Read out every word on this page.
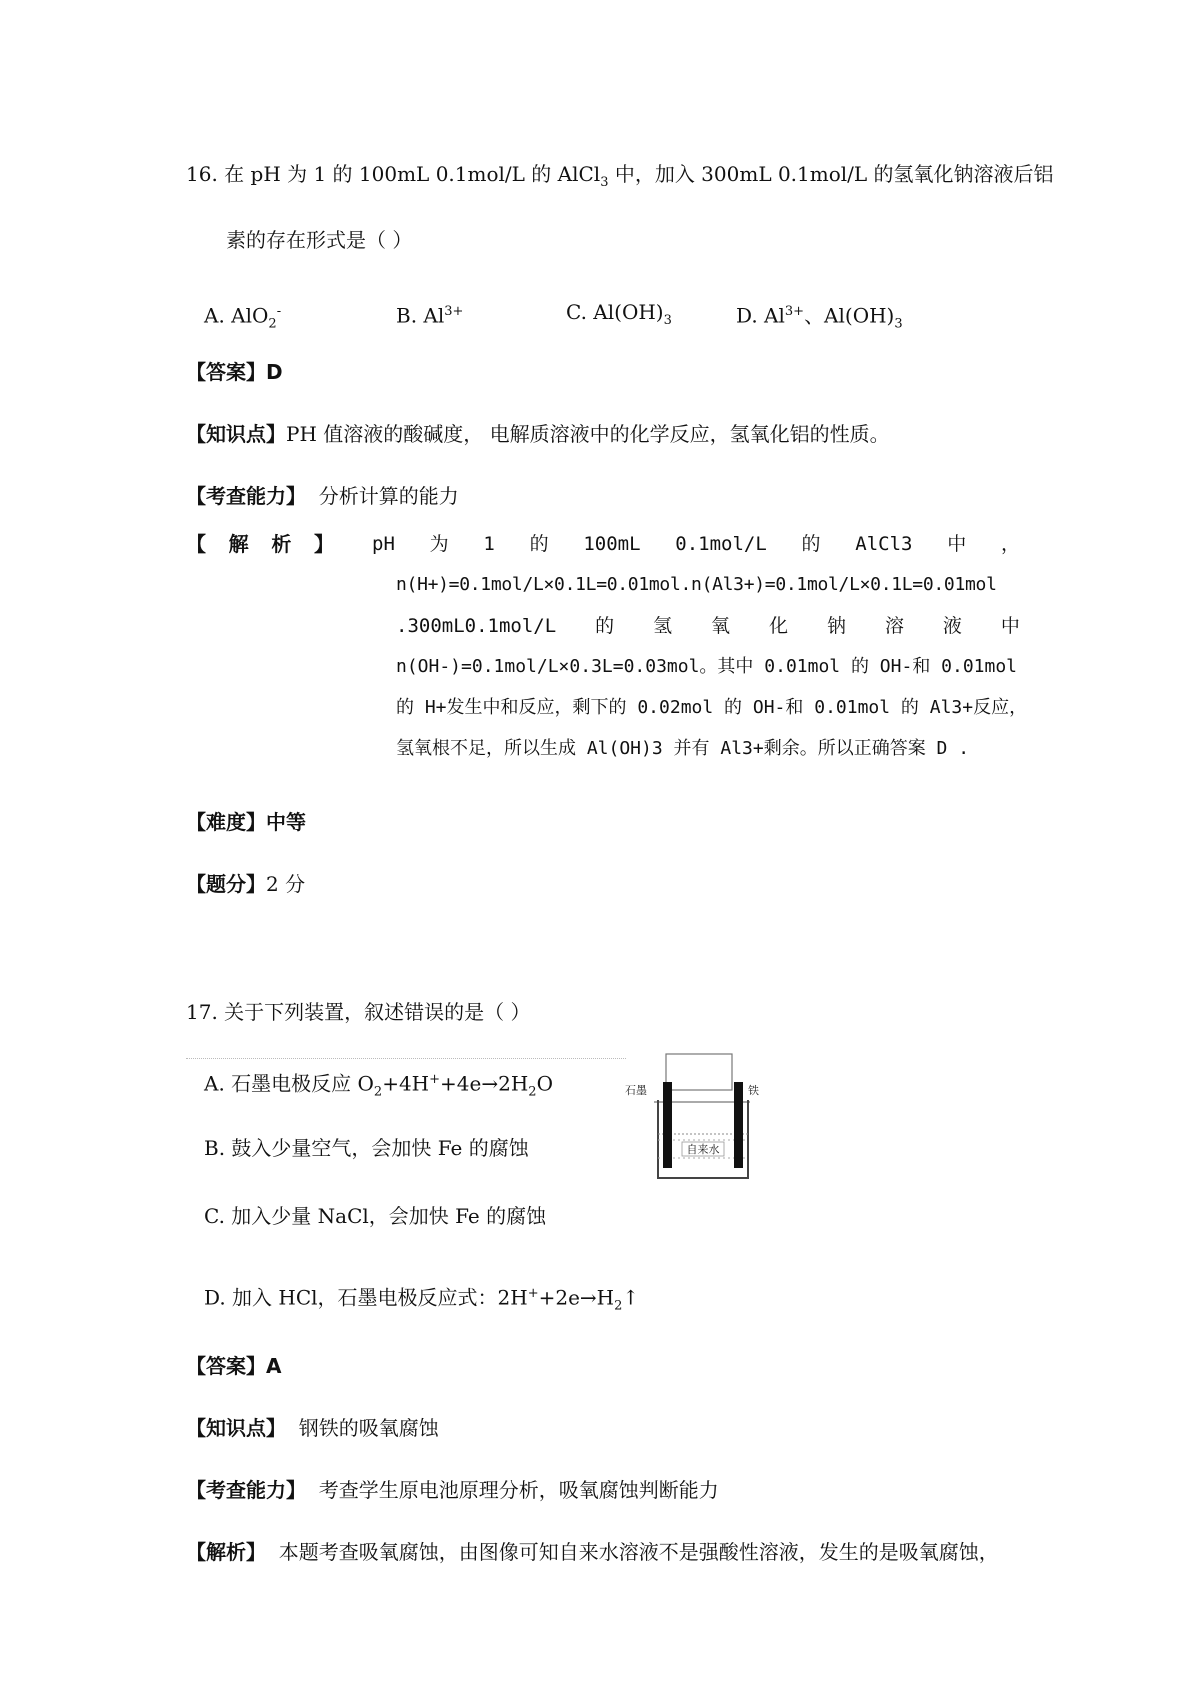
16. 在 pH 为 1 的 100mL 0.1mol/L 的 AlCl$_3$ 中，加入 300mL 0.1mol/L 的氢氧化钠溶液后铝
素的存在形式是（ ）
A. AlO$_2$-	B. $Al^{3+}$	C. $Al(OH)_3$	D. $Al^{3+}$、$Al(OH)_3$
【答案】D
【知识点】PH 值溶液的酸碱度， 电解质溶液中的化学反应，氢氧化铝的性质。
【考查能力】 分析计算的能力
【 解 析 】 pH 为 1 的 100mL 0.1mol/L 的 AlCl3 中 ，
n(H+)=0.1mol/L×0.1L=0.01mol.n(Al3+)=0.1mol/L×0.1L=0.01mol
.300mL0.1mol/L 的 氢 氧 化 钠 溶 液 中
n(OH-)=0.1mol/L×0.3L=0.03mol。其中 0.01mol 的 OH-和 0.01mol
的 H+发生中和反应，剩下的 0.02mol 的 OH-和 0.01mol 的 Al3+反应，
氢氧根不足，所以生成 Al(OH)3 并有 Al3+剩余。所以正确答案 D .
【难度】中等
【题分】2 分
17. 关于下列装置，叙述错误的是（ ）
A. 石墨电极反应 $O_2+4H^++4e\to 2H_2O$
B. 鼓入少量空气，会加快 Fe 的腐蚀
C. 加入少量 NaCl，会加快 Fe 的腐蚀
D. 加入 HCl，石墨电极反应式：$2H^++2e\to H_2↑$
自来水
石墨	铁
【答案】A
【知识点】 钢铁的吸氧腐蚀
【考查能力】 考查学生原电池原理分析，吸氧腐蚀判断能力
【解析】 本题考查吸氧腐蚀，由图像可知自来水溶液不是强酸性溶液，发生的是吸氧腐蚀，
